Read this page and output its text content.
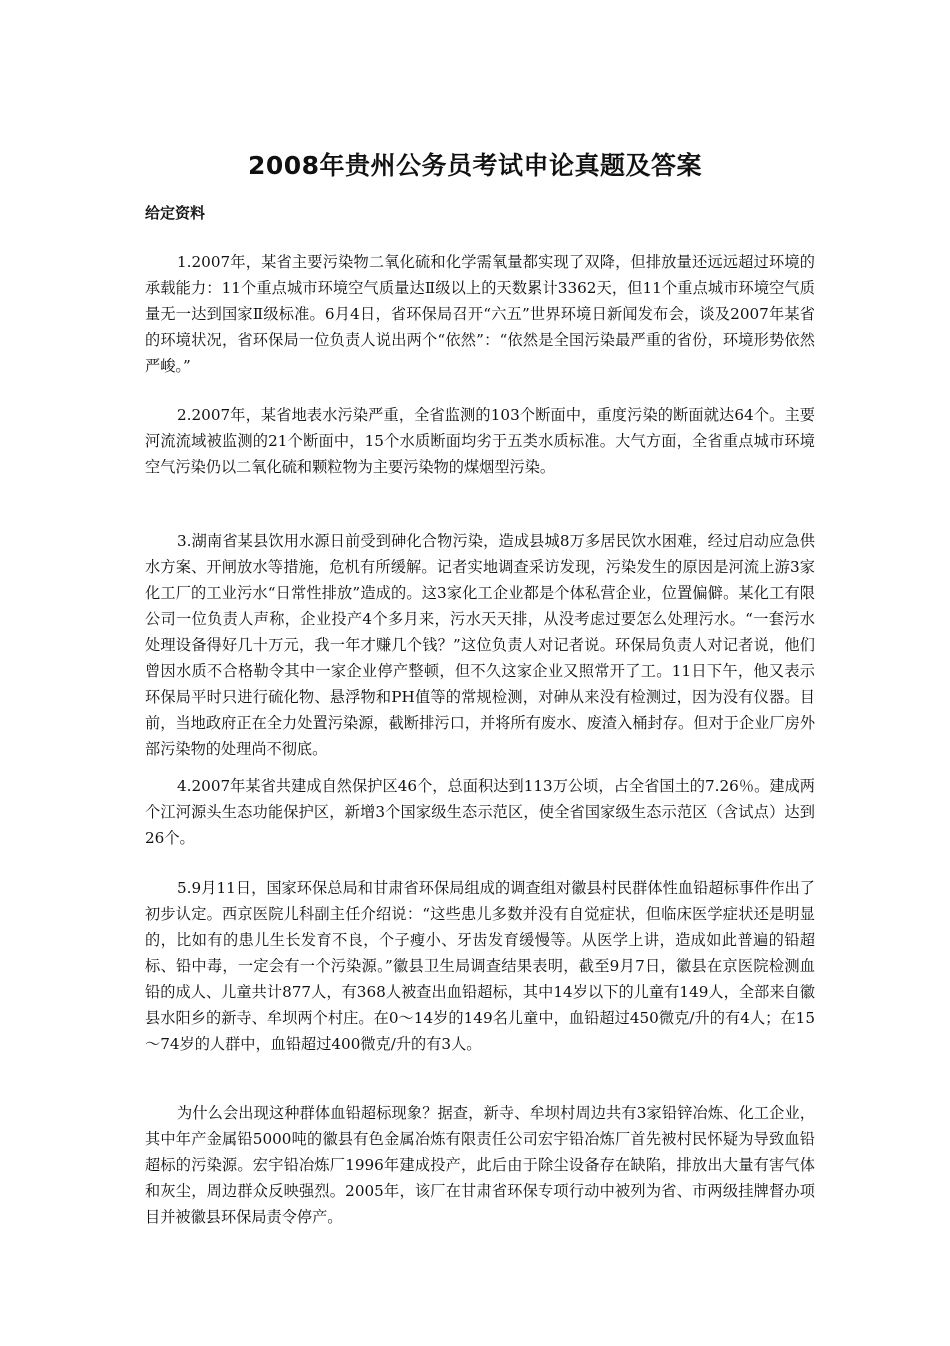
2008年贵州公务员考试申论真题及答案
给定资料

1.2007年，某省主要污染物二氧化硫和化学需氧量都实现了双降，但排放量还远远超过环境的承载能力：11个重点城市环境空气质量达Ⅱ级以上的天数累计3362天，但11个重点城市环境空气质量无一达到国家Ⅱ级标准。6月4日，省环保局召开“六五”世界环境日新闻发布会，谈及2007年某省的环境状况，省环保局一位负责人说出两个“依然”：“依然是全国污染最严重的省份，环境形势依然严峻。”

2.2007年，某省地表水污染严重，全省监测的103个断面中，重度污染的断面就达64个。主要河流流域被监测的21个断面中，15个水质断面均劣于五类水质标准。大气方面，全省重点城市环境空气污染仍以二氧化硫和颗粒物为主要污染物的煤烟型污染。

3.湖南省某县饮用水源日前受到砷化合物污染，造成县城8万多居民饮水困难，经过启动应急供水方案、开闸放水等措施，危机有所缓解。记者实地调查采访发现，污染发生的原因是河流上游3家化工厂的工业污水“日常性排放”造成的。这3家化工企业都是个体私营企业，位置偏僻。某化工有限公司一位负责人声称，企业投产4个多月来，污水天天排，从没考虑过要怎么处理污水。“一套污水处理设备得好几十万元，我一年才赚几个钱？”这位负责人对记者说。环保局负责人对记者说，他们曾因水质不合格勒令其中一家企业停产整顿，但不久这家企业又照常开了工。11日下午，他又表示环保局平时只进行硫化物、悬浮物和PH值等的常规检测，对砷从来没有检测过，因为没有仪器。目前，当地政府正在全力处置污染源，截断排污口，并将所有废水、废渣入桶封存。但对于企业厂房外部污染物的处理尚不彻底。

4.2007年某省共建成自然保护区46个，总面积达到113万公顷，占全省国土的7.26％。建成两个江河源头生态功能保护区，新增3个国家级生态示范区，使全省国家级生态示范区（含试点）达到26个。

5.9月11日，国家环保总局和甘肃省环保局组成的调查组对徽县村民群体性血铅超标事件作出了初步认定。西京医院儿科副主任介绍说：“这些患儿多数并没有自觉症状，但临床医学症状还是明显的，比如有的患儿生长发育不良，个子瘦小、牙齿发育缓慢等。从医学上讲，造成如此普遍的铅超标、铅中毒，一定会有一个污染源。”徽县卫生局调查结果表明，截至9月7日，徽县在京医院检测血铅的成人、儿童共计877人，有368人被查出血铅超标，其中14岁以下的儿童有149人，全部来自徽县水阳乡的新寺、牟坝两个村庄。在0～14岁的149名儿童中，血铅超过450微克/升的有4人；在15～74岁的人群中，血铅超过400微克/升的有3人。

为什么会出现这种群体血铅超标现象？据查，新寺、牟坝村周边共有3家铅锌冶炼、化工企业，其中年产金属铅5000吨的徽县有色金属冶炼有限责任公司宏宇铅冶炼厂首先被村民怀疑为导致血铅超标的污染源。宏宇铅冶炼厂1996年建成投产，此后由于除尘设备存在缺陷，排放出大量有害气体和灰尘，周边群众反映强烈。2005年，该厂在甘肃省环保专项行动中被列为省、市两级挂牌督办项目并被徽县环保局责令停产。
